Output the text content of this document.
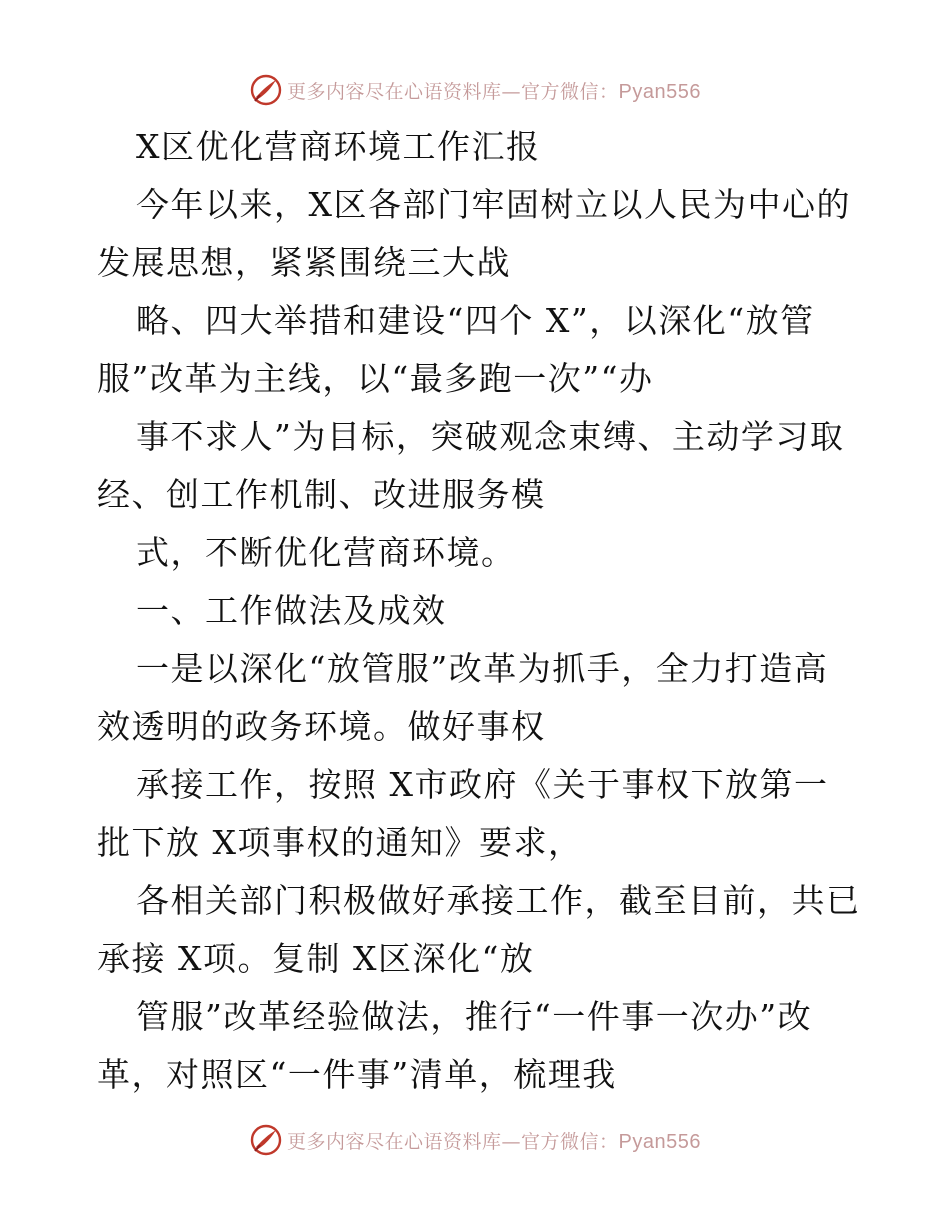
更多内容尽在心语资料库—官方微信：Pyan556
X区优化营商环境工作汇报
今年以来，X区各部门牢固树立以人民为中心的
发展思想，紧紧围绕三大战
略、四大举措和建设“四个 X”，以深化“放管
服”改革为主线，以“最多跑一次”“办
事不求人”为目标，突破观念束缚、主动学习取
经、创工作机制、改进服务模
式，不断优化营商环境。
一、工作做法及成效
一是以深化“放管服”改革为抓手，全力打造高
效透明的政务环境。做好事权
承接工作，按照 X市政府《关于事权下放第一
批下放 X项事权的通知》要求，
各相关部门积极做好承接工作，截至目前，共已
承接 X项。复制 X区深化“放
管服”改革经验做法，推行“一件事一次办”改
革，对照区“一件事”清单，梳理我
更多内容尽在心语资料库—官方微信：Pyan556
